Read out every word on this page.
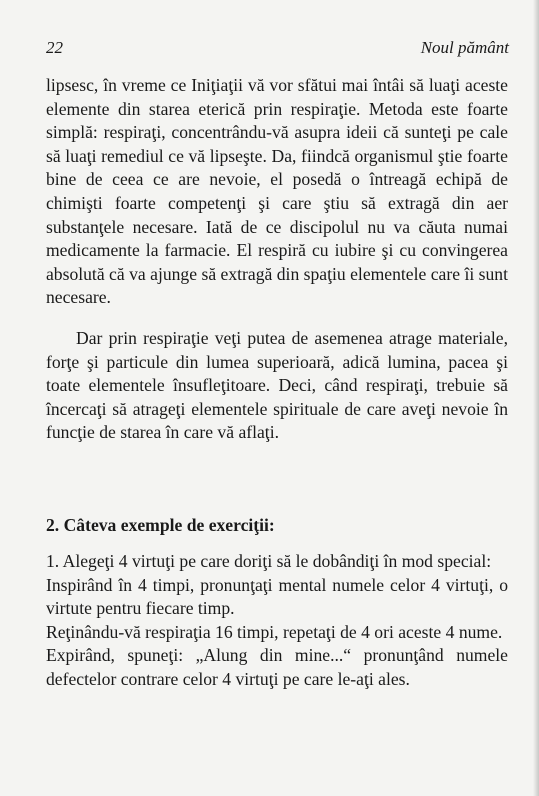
22	Noul pământ

lipsesc, în vreme ce Iniţiaţii vă vor sfătui mai întâi să luaţi aceste elemente din starea eterică prin respiraţie. Metoda este foarte simplă: respiraţi, concentrându-vă asupra ideii că sunteţi pe cale să luaţi remediul ce vă lipseşte. Da, fiindcă organismul ştie foarte bine de ceea ce are nevoie, el posedă o întreagă echipă de chimişti foarte competenţi şi care ştiu să extragă din aer substanţele necesare. Iată de ce discipolul nu va căuta numai medicamente la farmacie. El respiră cu iubire şi cu convingerea absolută că va ajunge să extragă din spaţiu elementele care îi sunt necesare.

Dar prin respiraţie veţi putea de asemenea atrage materiale, forţe şi particule din lumea superioară, adică lumina, pacea şi toate elementele însufleţitoare. Deci, când respiraţi, trebuie să încercaţi să atrageţi elementele spirituale de care aveţi nevoie în funcţie de starea în care vă aflaţi.

2. Câteva exemple de exerciţii:

1. Alegeţi 4 virtuţi pe care doriţi să le dobândiţi în mod special:

Inspirând în 4 timpi, pronunţaţi mental numele celor 4 virtuţi, o virtute pentru fiecare timp.

Reţinându-vă respiraţia 16 timpi, repetaţi de 4 ori aceste 4 nume.

Expirând, spuneţi: „Alung din mine...“ pronunţând numele defectelor contrare celor 4 virtuţi pe care le-aţi ales.
